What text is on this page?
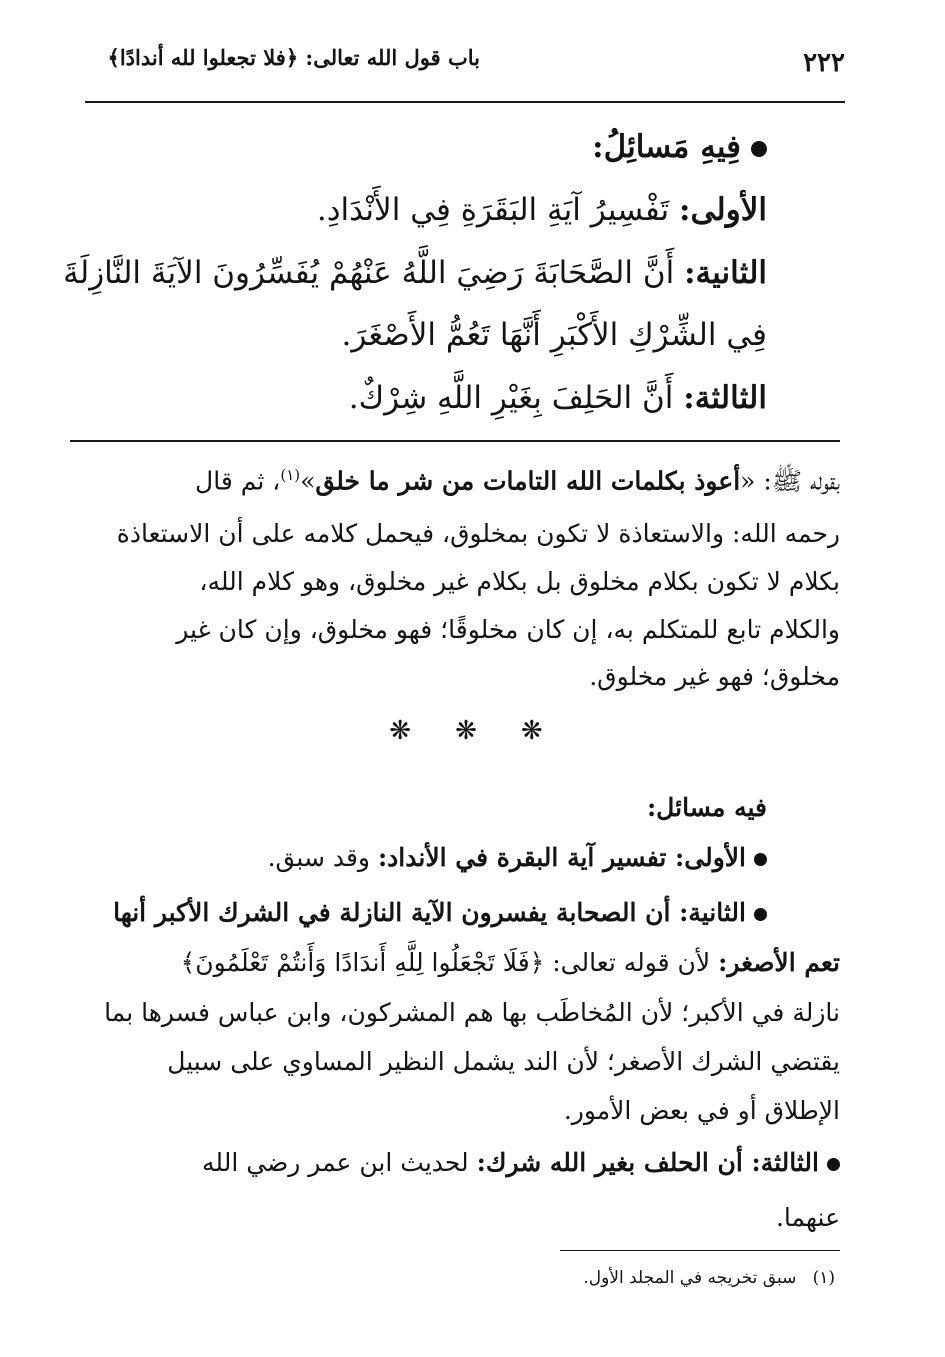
٢٢٢
باب قول الله تعالى: ﴿فلا تجعلوا لله أندادًا﴾
فِيهِ مَسائِلُ:
الأولى: تَفْسِيرُ آيَةِ البَقَرَةِ فِي الأَنْدَادِ.
الثانية: أَنَّ الصَّحَابَةَ رَضِيَ اللَّهُ عَنْهُمْ يُفَسِّرُونَ الآيَةَ النَّازِلَةَ
فِي الشِّرْكِ الأَكْبَرِ أَنَّهَا تَعُمُّ الأَصْغَرَ.
الثالثة: أَنَّ الحَلِفَ بِغَيْرِ اللَّهِ شِرْكٌ.
بقوله ﷺ: «أعوذ بكلمات الله التامات من شر ما خلق»$^{(١)}$، ثم قال
رحمه الله: والاستعاذة لا تكون بمخلوق، فيحمل كلامه على أن الاستعاذة
بكلام لا تكون بكلام مخلوق بل بكلام غير مخلوق، وهو كلام الله،
والكلام تابع للمتكلم به، إن كان مخلوقًا؛ فهو مخلوق، وإن كان غير
مخلوق؛ فهو غير مخلوق.
❋ ❋ ❋
فيه مسائل:
الأولى: تفسير آية البقرة في الأنداد: وقد سبق.
الثانية: أن الصحابة يفسرون الآية النازلة في الشرك الأكبر أنها
تعم الأصغر: لأن قوله تعالى: ﴿فَلَا تَجْعَلُوا لِلَّهِ أَندَادًا وَأَنتُمْ تَعْلَمُونَ﴾
نازلة في الأكبر؛ لأن المُخاطَب بها هم المشركون، وابن عباس فسرها بما
يقتضي الشرك الأصغر؛ لأن الند يشمل النظير المساوي على سبيل
الإطلاق أو في بعض الأمور.
الثالثة: أن الحلف بغير الله شرك: لحديث ابن عمر رضي الله
عنهما.
(١)   سبق تخريجه في المجلد الأول.
